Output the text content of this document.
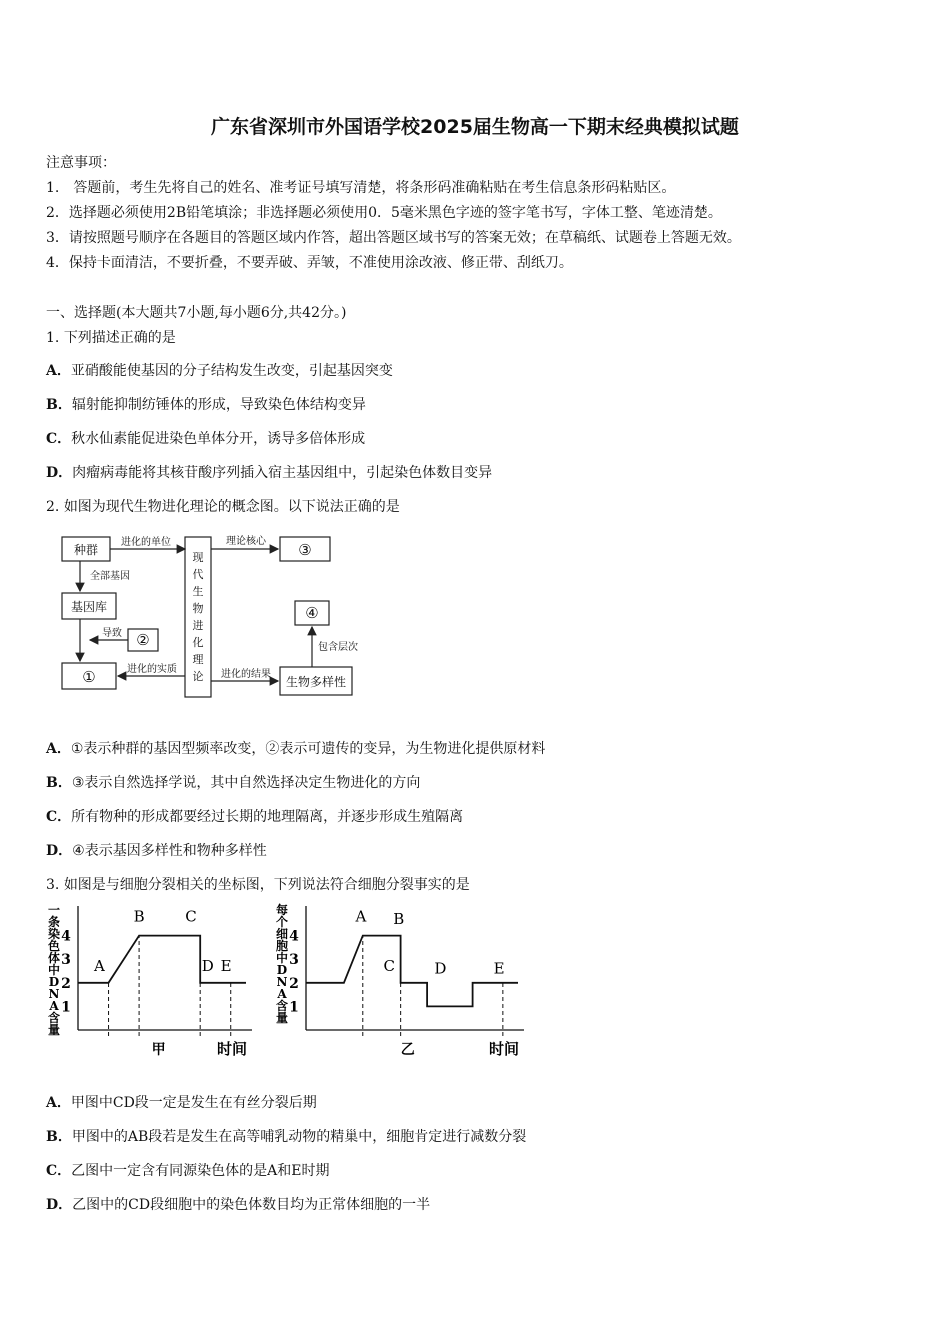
广东省深圳市外国语学校2025届生物高一下期末经典模拟试题
注意事项：
1.　答题前，考生先将自己的姓名、准考证号填写清楚，将条形码准确粘贴在考生信息条形码粘贴区。
2．选择题必须使用2B铅笔填涂；非选择题必须使用0．5毫米黑色字迹的签字笔书写，字体工整、笔迹清楚。
3．请按照题号顺序在各题目的答题区域内作答，超出答题区域书写的答案无效；在草稿纸、试题卷上答题无效。
4．保持卡面清洁，不要折叠，不要弄破、弄皱，不准使用涂改液、修正带、刮纸刀。
一、选择题(本大题共7小题,每小题6分,共42分。)
1. 下列描述正确的是
A．亚硝酸能使基因的分子结构发生改变，引起基因突变
B．辐射能抑制纺锤体的形成，导致染色体结构变异
C．秋水仙素能促进染色单体分开，诱导多倍体形成
D．肉瘤病毒能将其核苷酸序列插入宿主基因组中，引起染色体数目变异
2. 如图为现代生物进化理论的概念图。以下说法正确的是
种群
基因库
①
②
③
④
生物多样性
进化的单位
全部基因
导致
进化的实质
理论核心
进化的结果
包含层次
现
代
生
物
进
化
理
论
A．①表示种群的基因型频率改变，②表示可遗传的变异，为生物进化提供原材料
B．③表示自然选择学说，其中自然选择决定生物进化的方向
C．所有物种的形成都要经过长期的地理隔离，并逐步形成生殖隔离
D．④表示基因多样性和物种多样性
3. 如图是与细胞分裂相关的坐标图，下列说法符合细胞分裂事实的是
1
2
3
4
一
条
染
色
体
中
D
N
A
含
量
A
B	C
D E
甲	时间
1
2
3
4
每
个
细
胞
中
D
N
A
含
量
A B
C	D	E
乙	时间
A．甲图中CD段一定是发生在有丝分裂后期
B．甲图中的AB段若是发生在高等哺乳动物的精巢中，细胞肯定进行减数分裂
C．乙图中一定含有同源染色体的是A和E时期
D．乙图中的CD段细胞中的染色体数目均为正常体细胞的一半
